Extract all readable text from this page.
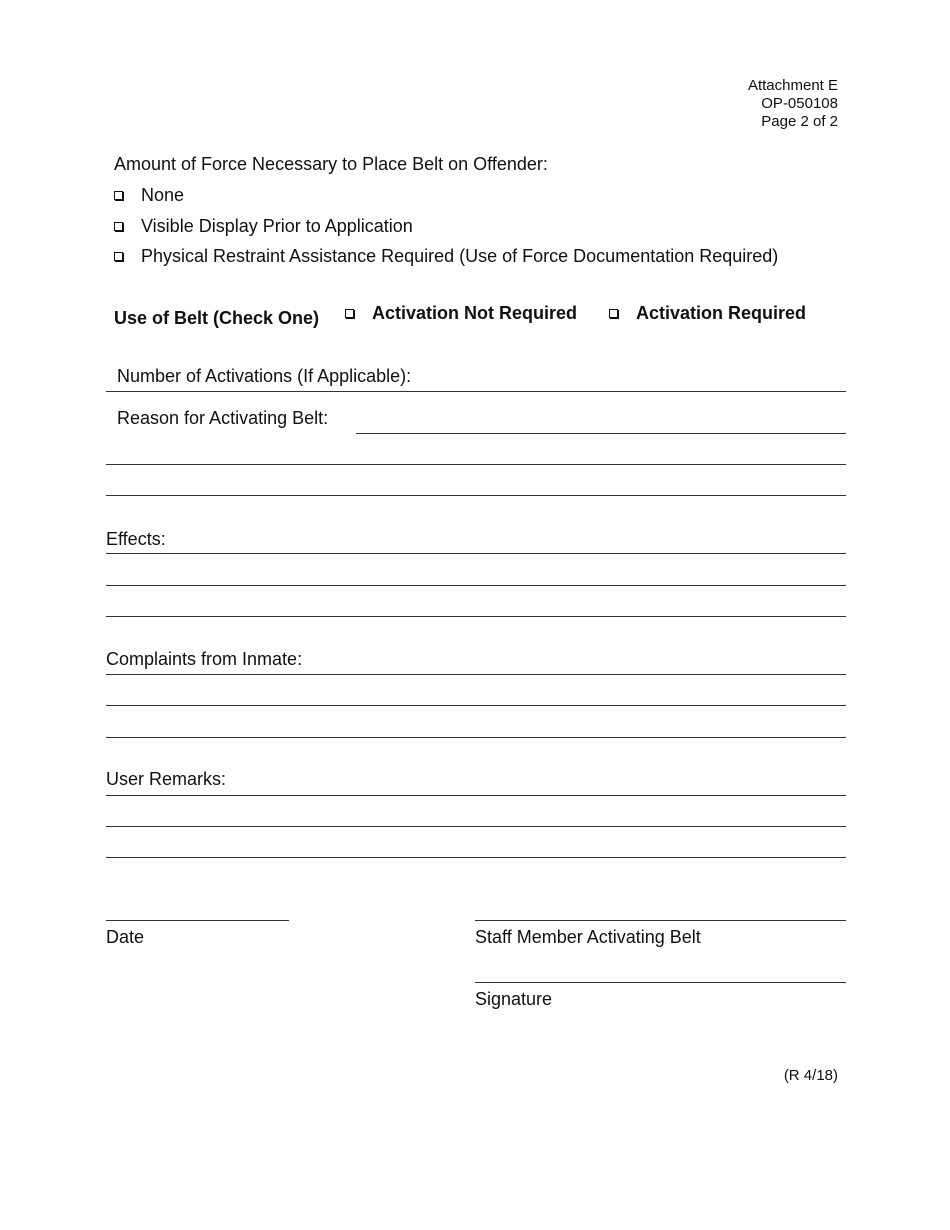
Attachment E
OP-050108
Page 2 of 2
Amount of Force Necessary to Place Belt on Offender:
None
Visible Display Prior to Application
Physical Restraint Assistance Required (Use of Force Documentation Required)
Use of Belt (Check One)	Activation Not Required	Activation Required
Number of Activations (If Applicable):
Reason for Activating Belt:
Effects:
Complaints from Inmate:
User Remarks:
Date	Staff Member Activating Belt
Signature
(R 4/18)
